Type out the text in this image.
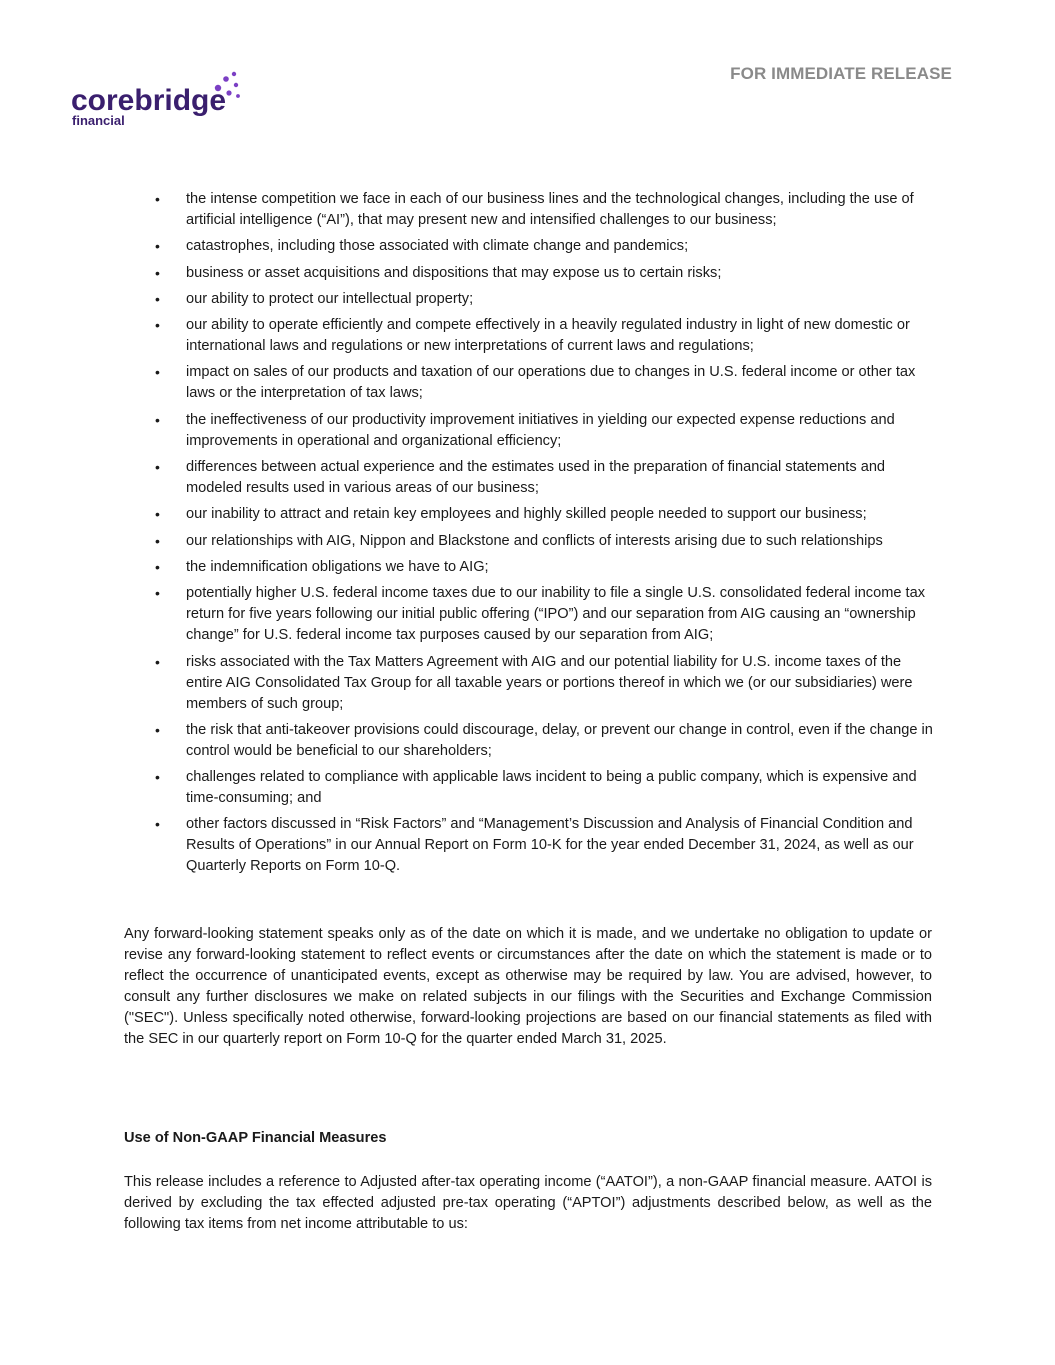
FOR IMMEDIATE RELEASE
corebridge
financial
• the intense competition we face in each of our business lines and the technological changes, including the use of artificial intelligence (“AI”), that may present new and intensified challenges to our business;
• catastrophes, including those associated with climate change and pandemics;
• business or asset acquisitions and dispositions that may expose us to certain risks;
• our ability to protect our intellectual property;
• our ability to operate efficiently and compete effectively in a heavily regulated industry in light of new domestic or international laws and regulations or new interpretations of current laws and regulations;
• impact on sales of our products and taxation of our operations due to changes in U.S. federal income or other tax laws or the interpretation of tax laws;
• the ineffectiveness of our productivity improvement initiatives in yielding our expected expense reductions and improvements in operational and organizational efficiency;
• differences between actual experience and the estimates used in the preparation of financial statements and modeled results used in various areas of our business;
• our inability to attract and retain key employees and highly skilled people needed to support our business;
• our relationships with AIG, Nippon and Blackstone and conflicts of interests arising due to such relationships
• the indemnification obligations we have to AIG;
• potentially higher U.S. federal income taxes due to our inability to file a single U.S. consolidated federal income tax return for five years following our initial public offering (“IPO”) and our separation from AIG causing an “ownership change” for U.S. federal income tax purposes caused by our separation from AIG;
• risks associated with the Tax Matters Agreement with AIG and our potential liability for U.S. income taxes of the entire AIG Consolidated Tax Group for all taxable years or portions thereof in which we (or our subsidiaries) were members of such group;
• the risk that anti-takeover provisions could discourage, delay, or prevent our change in control, even if the change in control would be beneficial to our shareholders;
• challenges related to compliance with applicable laws incident to being a public company, which is expensive and time-consuming; and
• other factors discussed in “Risk Factors” and “Management’s Discussion and Analysis of Financial Condition and Results of Operations” in our Annual Report on Form 10-K for the year ended December 31, 2024, as well as our Quarterly Reports on Form 10-Q.

Any forward-looking statement speaks only as of the date on which it is made, and we undertake no obligation to update or revise any forward-looking statement to reflect events or circumstances after the date on which the statement is made or to reflect the occurrence of unanticipated events, except as otherwise may be required by law. You are advised, however, to consult any further disclosures we make on related subjects in our filings with the Securities and Exchange Commission ("SEC"). Unless specifically noted otherwise, forward-looking projections are based on our financial statements as filed with the SEC in our quarterly report on Form 10-Q for the quarter ended March 31, 2025.

Use of Non-GAAP Financial Measures

This release includes a reference to Adjusted after-tax operating income (“AATOI”), a non-GAAP financial measure. AATOI is derived by excluding the tax effected adjusted pre-tax operating (“APTOI”) adjustments described below, as well as the following tax items from net income attributable to us:
